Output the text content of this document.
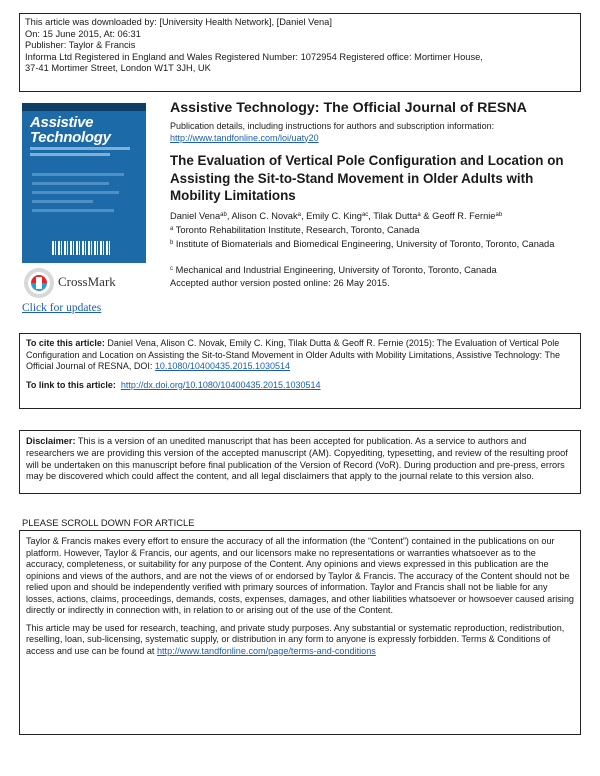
This article was downloaded by: [University Health Network], [Daniel Vena]
On: 15 June 2015, At: 06:31
Publisher: Taylor & Francis
Informa Ltd Registered in England and Wales Registered Number: 1072954 Registered office: Mortimer House,
37-41 Mortimer Street, London W1T 3JH, UK
Assistive
Technology
CrossMark
Click for updates
Assistive Technology: The Official Journal of RESNA
Publication details, including instructions for authors and subscription information:
http://www.tandfonline.com/loi/uaty20
The Evaluation of Vertical Pole Configuration and Location on Assisting the Sit-to-Stand Movement in Older Adults with Mobility Limitations
Daniel Vena$^{ab}$, Alison C. Novak$^a$, Emily C. King$^{ac}$, Tilak Dutta$^a$ & Geoff R. Fernie$^{ab}$
$^a$ Toronto Rehabilitation Institute, Research, Toronto, Canada
$^b$ Institute of Biomaterials and Biomedical Engineering, University of Toronto, Toronto, Canada
$^c$ Mechanical and Industrial Engineering, University of Toronto, Toronto, Canada
Accepted author version posted online: 26 May 2015.
To cite this article: Daniel Vena, Alison C. Novak, Emily C. King, Tilak Dutta & Geoff R. Fernie (2015): The Evaluation of Vertical Pole Configuration and Location on Assisting the Sit-to-Stand Movement in Older Adults with Mobility Limitations, Assistive Technology: The Official Journal of RESNA, DOI: 10.1080/10400435.2015.1030514
To link to this article: http://dx.doi.org/10.1080/10400435.2015.1030514
Disclaimer: This is a version of an unedited manuscript that has been accepted for publication. As a service to authors and researchers we are providing this version of the accepted manuscript (AM). Copyediting, typesetting, and review of the resulting proof will be undertaken on this manuscript before final publication of the Version of Record (VoR). During production and pre-press, errors may be discovered which could affect the content, and all legal disclaimers that apply to the journal relate to this version also.
PLEASE SCROLL DOWN FOR ARTICLE

Taylor & Francis makes every effort to ensure the accuracy of all the information (the “Content”) contained in the publications on our platform. However, Taylor & Francis, our agents, and our licensors make no representations or warranties whatsoever as to the accuracy, completeness, or suitability for any purpose of the Content. Any opinions and views expressed in this publication are the opinions and views of the authors, and are not the views of or endorsed by Taylor & Francis. The accuracy of the Content should not be relied upon and should be independently verified with primary sources of information. Taylor and Francis shall not be liable for any losses, actions, claims, proceedings, demands, costs, expenses, damages, and other liabilities whatsoever or howsoever caused arising directly or indirectly in connection with, in relation to or arising out of the use of the Content.

This article may be used for research, teaching, and private study purposes. Any substantial or systematic reproduction, redistribution, reselling, loan, sub-licensing, systematic supply, or distribution in any form to anyone is expressly forbidden. Terms & Conditions of access and use can be found at http://www.tandfonline.com/page/terms-and-conditions
